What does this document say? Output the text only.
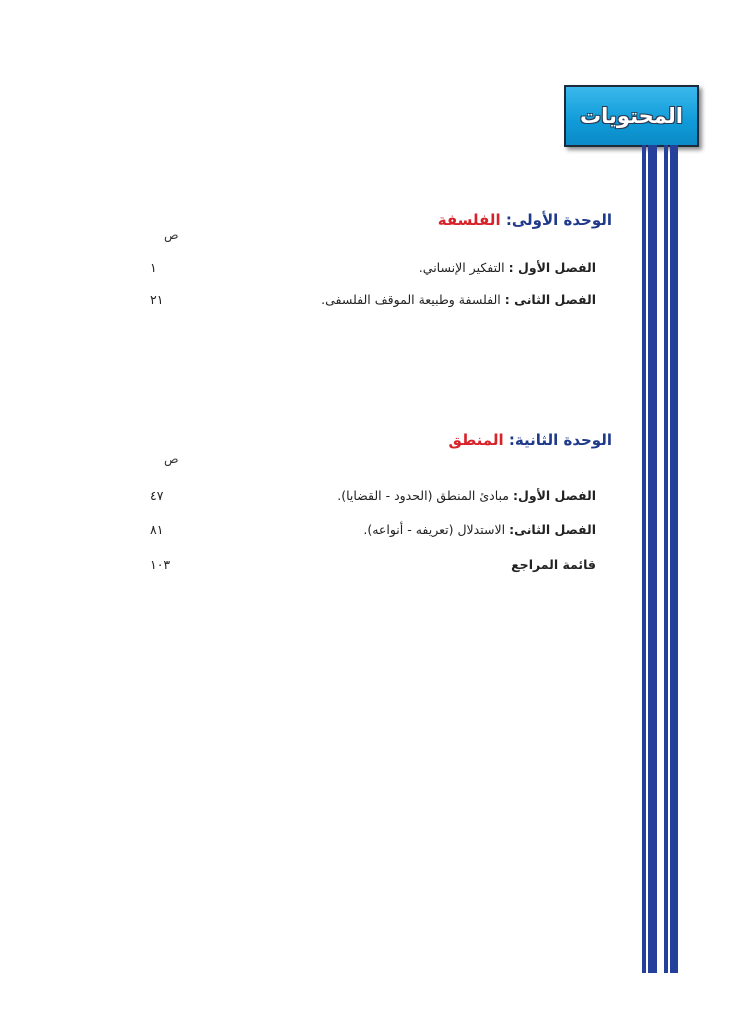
المحتويات
الوحدة الأولى: الفلسفة
ص
الفصل الأول : التفكير الإنساني.
١
الفصل الثانى : الفلسفة وطبيعة الموقف الفلسفى.
٢١
الوحدة الثانية: المنطق
ص
الفصل الأول: مبادئ المنطق (الحدود - القضايا).
٤٧
الفصل الثانى: الاستدلال (تعريفه - أنواعه).
٨١
قائمة المراجع
١٠٣
